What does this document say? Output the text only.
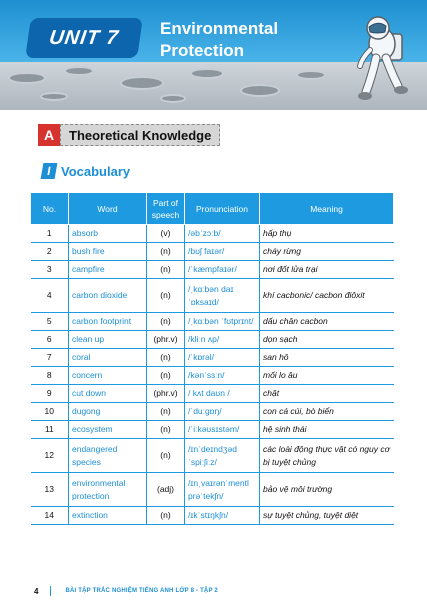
UNIT 7 Environmental
Protection
A	Theoretical Knowledge
I Vocabulary
No.	Word	Part of speech	Pronunciation	Meaning
1	absorb	(v)	/əbˈzɔːb/	hấp thụ
2	bush fire	(n)	/bʊʃ faɪər/	cháy rừng
3	campfire	(n)	/ˈkæmpfaɪər/	nơi đốt lửa trại
4	carbon dioxide	(n)	/ˌkɑːbən daɪˈɒksaɪd/	khí cacbonic/ cacbon điôxit
5	carbon footprint	(n)	/ˌkɑːbən ˈfʊtprɪnt/	dấu chân cacbon
6	clean up	(phr.v)	/kliːn ʌp/	dọn sạch
7	coral	(n)	/ˈkɒrəl/	san hô
8	concern	(n)	/kənˈsɜːn/	mối lo âu
9	cut down	(phr.v)	/ kʌt daʊn /	chặt
10	dugong	(n)	/ˈduːɡɒŋ/	con cá cúi, bò biển
11	ecosystem	(n)	/ˈiːkəʊsɪstəm/	hệ sinh thái
12	endangered species	(n)	/ɪnˈdeɪndʒəd ˈspiːʃiːz/	các loài động thực vật có nguy cơ bị tuyệt chủng
13	environmental protection	(adj)	/ɪnˌvaɪrənˈmentl prəˈtekʃn/	bảo vệ môi trường
14	extinction	(n)	/ɪkˈstɪŋkʃn/	sự tuyệt chủng, tuyệt diệt
4	BÀI TẬP TRẮC NGHIỆM TIẾNG ANH LỚP 8 - TẬP 2
